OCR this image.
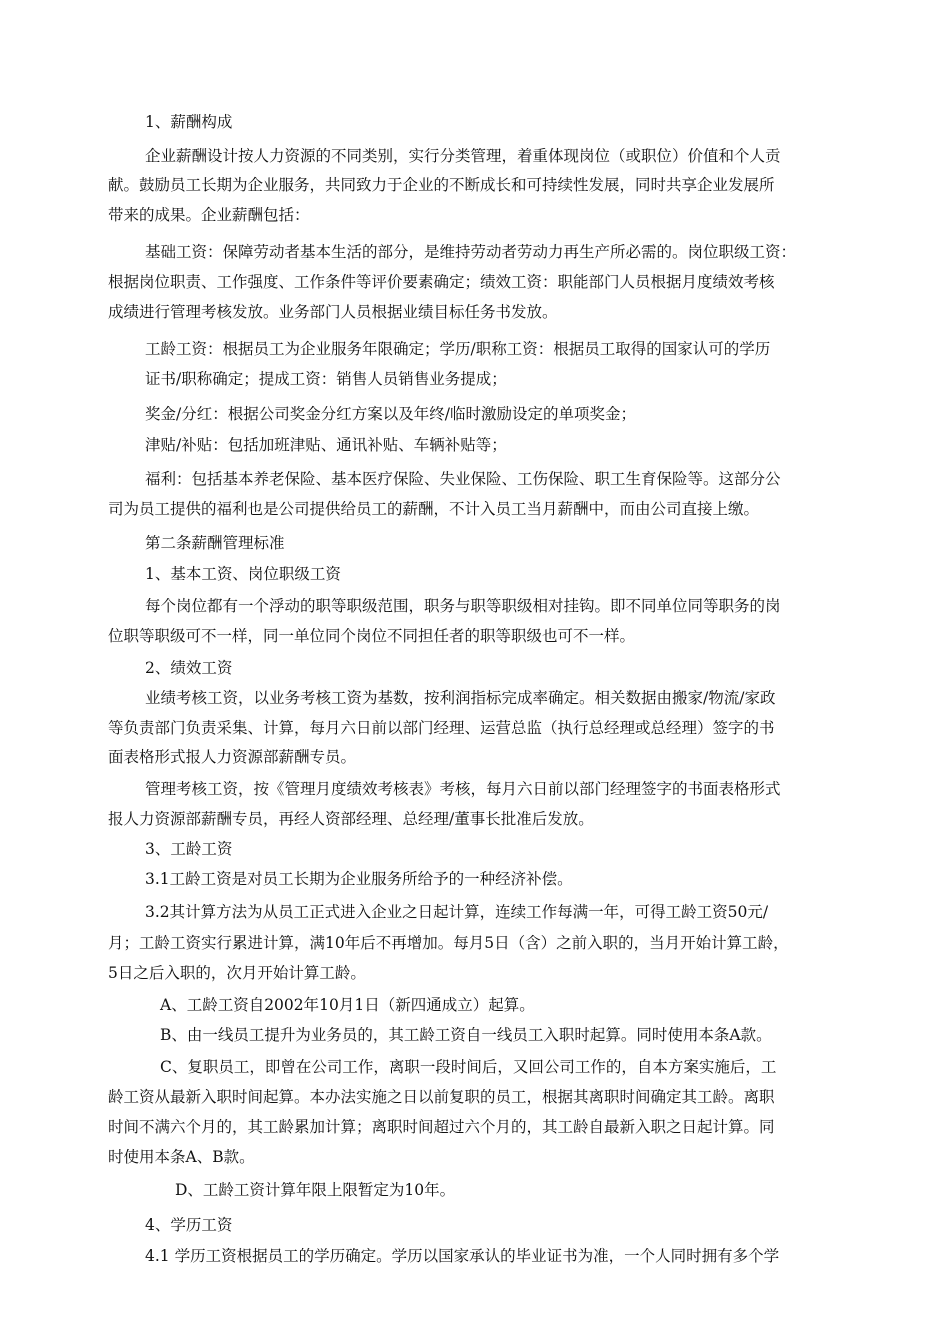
1、薪酬构成
企业薪酬设计按人力资源的不同类别，实行分类管理，着重体现岗位（或职位）价值和个人贡
献。鼓励员工长期为企业服务，共同致力于企业的不断成长和可持续性发展，同时共享企业发展所
带来的成果。企业薪酬包括：
基础工资：保障劳动者基本生活的部分，是维持劳动者劳动力再生产所必需的。岗位职级工资：
根据岗位职责、工作强度、工作条件等评价要素确定；绩效工资：职能部门人员根据月度绩效考核
成绩进行管理考核发放。业务部门人员根据业绩目标任务书发放。
工龄工资：根据员工为企业服务年限确定；学历/职称工资：根据员工取得的国家认可的学历
证书/职称确定；提成工资：销售人员销售业务提成；
奖金/分红：根据公司奖金分红方案以及年终/临时激励设定的单项奖金；
津贴/补贴：包括加班津贴、通讯补贴、车辆补贴等；
福利：包括基本养老保险、基本医疗保险、失业保险、工伤保险、职工生育保险等。这部分公
司为员工提供的福利也是公司提供给员工的薪酬，不计入员工当月薪酬中，而由公司直接上缴。
第二条薪酬管理标准
1、基本工资、岗位职级工资
每个岗位都有一个浮动的职等职级范围，职务与职等职级相对挂钩。即不同单位同等职务的岗
位职等职级可不一样，同一单位同个岗位不同担任者的职等职级也可不一样。
2、绩效工资
业绩考核工资，以业务考核工资为基数，按利润指标完成率确定。相关数据由搬家/物流/家政
等负责部门负责采集、计算，每月六日前以部门经理、运营总监（执行总经理或总经理）签字的书
面表格形式报人力资源部薪酬专员。
管理考核工资，按《管理月度绩效考核表》考核，每月六日前以部门经理签字的书面表格形式
报人力资源部薪酬专员，再经人资部经理、总经理/董事长批准后发放。
3、工龄工资
3.1工龄工资是对员工长期为企业服务所给予的一种经济补偿。
3.2其计算方法为从员工正式进入企业之日起计算，连续工作每满一年，可得工龄工资50元/
月；工龄工资实行累进计算，满10年后不再增加。每月5日（含）之前入职的，当月开始计算工龄，
5日之后入职的，次月开始计算工龄。
A、工龄工资自2002年10月1日（新四通成立）起算。
B、由一线员工提升为业务员的，其工龄工资自一线员工入职时起算。同时使用本条A款。
C、复职员工，即曾在公司工作，离职一段时间后，又回公司工作的，自本方案实施后，工
龄工资从最新入职时间起算。本办法实施之日以前复职的员工，根据其离职时间确定其工龄。离职
时间不满六个月的，其工龄累加计算；离职时间超过六个月的，其工龄自最新入职之日起计算。同
时使用本条A、B款。
D、工龄工资计算年限上限暂定为10年。
4、学历工资
4.1 学历工资根据员工的学历确定。学历以国家承认的毕业证书为准，一个人同时拥有多个学
